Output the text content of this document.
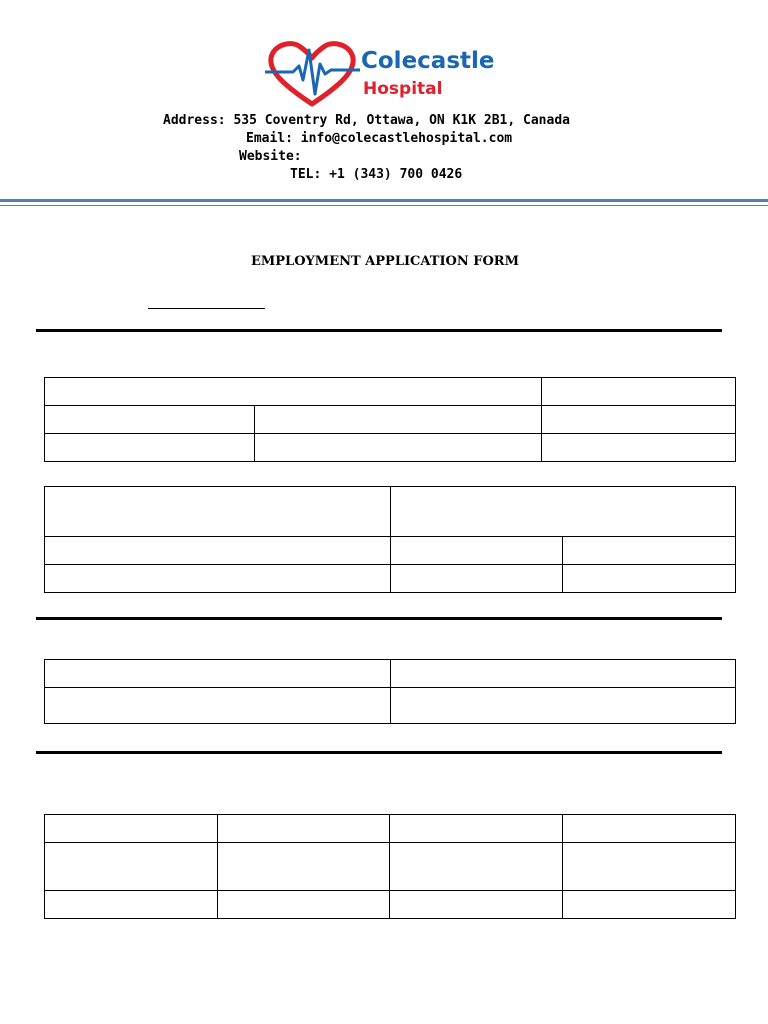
Colecastle
Hospital
Address: 535 Coventry Rd, Ottawa, ON K1K 2B1, Canada
Email: info@colecastlehospital.com
Website:
TEL: +1 (343) 700 0426
EMPLOYMENT APPLICATION FORM
